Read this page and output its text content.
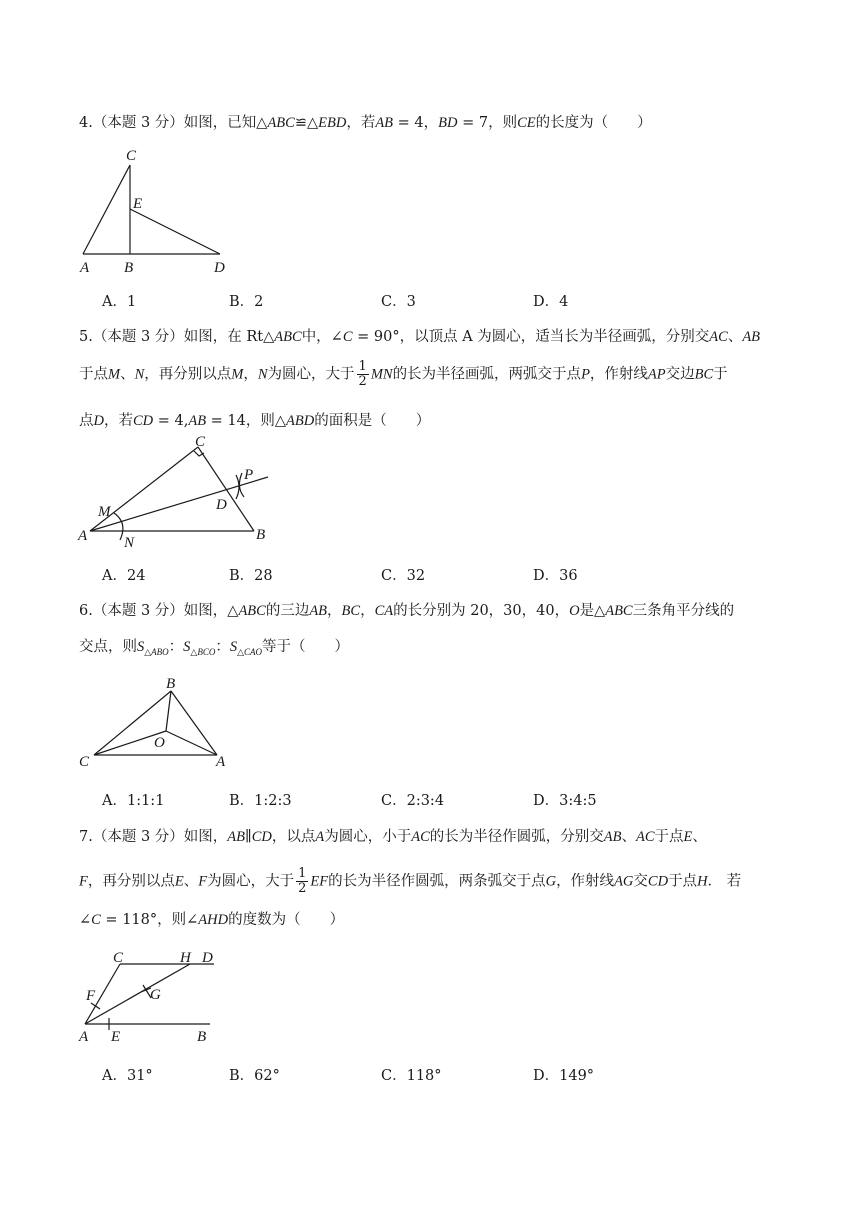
4.（本题 3 分）如图，已知△ABC≌△EBD，若AB = 4，BD = 7，则CE的长度为（　　）
C
E
A B	D
A．1	B．2	C．3	D．4
5.（本题 3 分）如图，在 Rt△ABC中，∠C = 90°，以顶点 A 为圆心，适当长为半径画弧，分别交AC、AB
于点M、N，再分别以点M，N为圆心，大于 $\frac{1}{2}$ MN的长为半径画弧，两弧交于点P，作射线AP交边BC于
点D，若CD = 4,AB = 14，则△ABD的面积是（　　）
P
C
M	D
A N	B
A．24	B．28	C．32	D．36
6.（本题 3 分）如图，△ABC的三边AB，BC，CA的长分别为 20，30，40，O是△ABC三条角平分线的
交点，则$S_{\triangle ABO}$：$S_{\triangle BCO}$：$S_{\triangle CAO}$等于（　　）
B
O
C	A
A．1:1:1	B．1:2:3	C．2:3:4	D．3:4:5
7.（本题 3 分）如图，AB∥CD，以点A为圆心，小于AC的长为半径作圆弧，分别交AB、AC于点E、
F，再分别以点E、F为圆心，大于 $\frac{1}{2}$ EF的长为半径作圆弧，两条弧交于点G，作射线AG交CD于点H． 若
∠C = 118°，则∠AHD的度数为（　　）
C	H D
F	G
A E	B
A．31°	B．62°	C．118°	D．149°
